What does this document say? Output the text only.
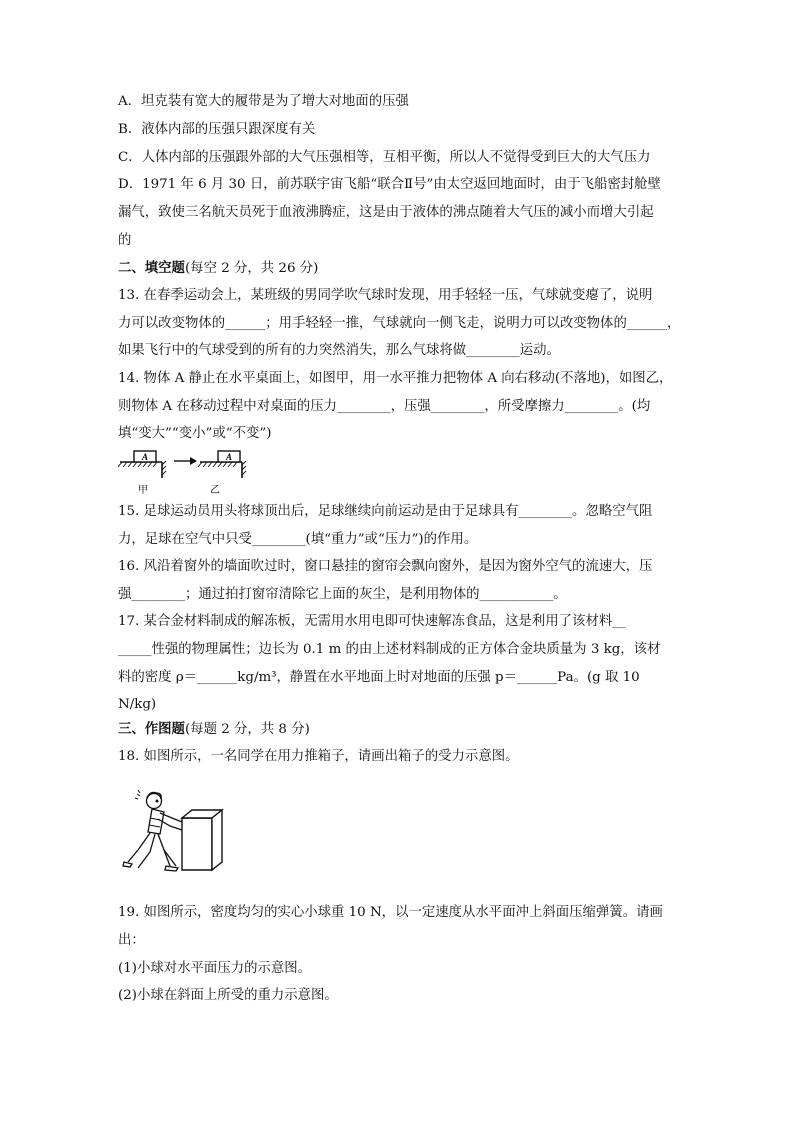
A．坦克装有宽大的履带是为了增大对地面的压强
B．液体内部的压强只跟深度有关
C．人体内部的压强跟外部的大气压强相等，互相平衡，所以人不觉得受到巨大的大气压力
D．1971 年 6 月 30 日，前苏联宇宙飞船“联合Ⅱ号”由太空返回地面时，由于飞船密封舱壁
漏气，致使三名航天员死于血液沸腾症，这是由于液体的沸点随着大气压的减小而增大引起
的
二、填空题(每空 2 分，共 26 分)
13. 在春季运动会上，某班级的男同学吹气球时发现，用手轻轻一压，气球就变瘪了，说明
力可以改变物体的______；用手轻轻一推，气球就向一侧飞走，说明力可以改变物体的______，
如果飞行中的气球受到的所有的力突然消失，那么气球将做________运动。
14. 物体 A 静止在水平桌面上，如图甲，用一水平推力把物体 A 向右移动(不落地)，如图乙，
则物体 A 在移动过程中对桌面的压力________，压强________，所受摩擦力________。(均
填“变大”“变小”或“不变”)
A
甲
A
乙
15. 足球运动员用头将球顶出后，足球继续向前运动是由于足球具有________。忽略空气阻
力，足球在空气中只受________(填“重力”或“压力”)的作用。
16. 风沿着窗外的墙面吹过时，窗口悬挂的窗帘会飘向窗外，是因为窗外空气的流速大，压
强________；通过拍打窗帘清除它上面的灰尘，是利用物体的___________。
17. 某合金材料制成的解冻板，无需用水用电即可快速解冻食品，这是利用了该材料__
_____性强的物理属性；边长为 0.1 m 的由上述材料制成的正方体合金块质量为 3 kg，该材
料的密度 ρ＝______kg/m³，静置在水平地面上时对地面的压强 p＝______Pa。(g 取 10
N/kg)
三、作图题(每题 2 分，共 8 分)
18. 如图所示，一名同学在用力推箱子，请画出箱子的受力示意图。
19. 如图所示，密度均匀的实心小球重 10 N，以一定速度从水平面冲上斜面压缩弹簧。请画
出：
(1)小球对水平面压力的示意图。
(2)小球在斜面上所受的重力示意图。
